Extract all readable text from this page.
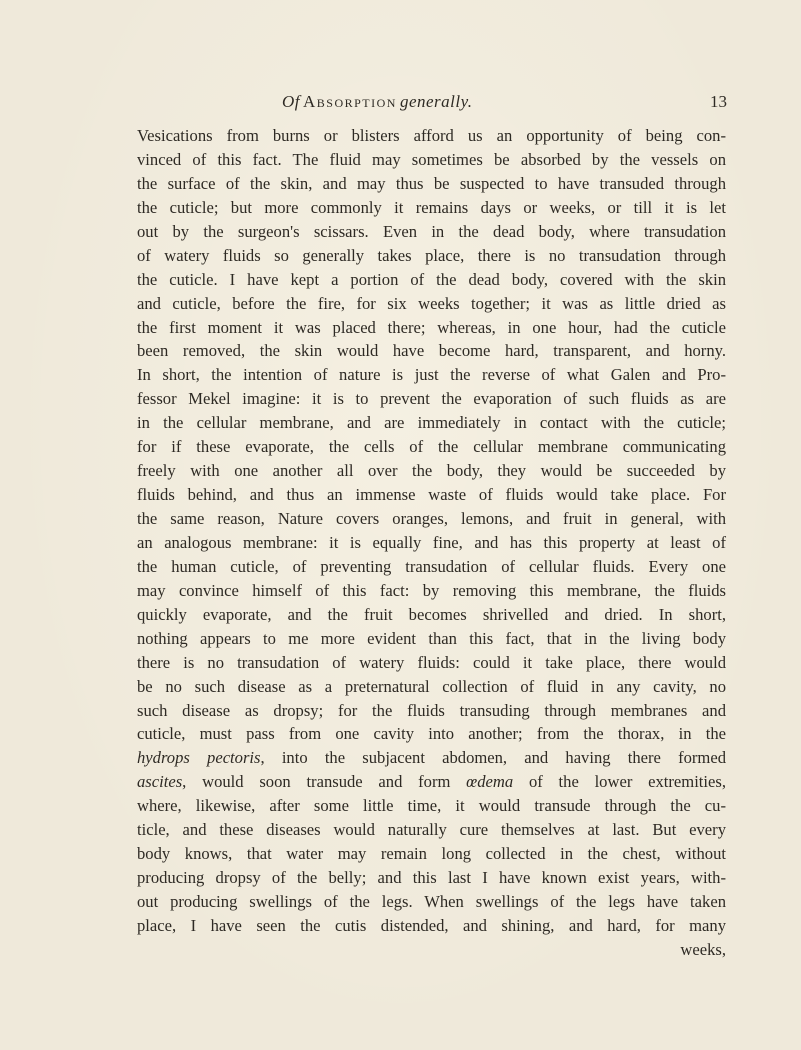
Of Absorption generally.	13
Vesications from burns or blisters afford us an opportunity of being con-
vinced of this fact. The fluid may sometimes be absorbed by the vessels on
the surface of the skin, and may thus be suspected to have transuded through
the cuticle; but more commonly it remains days or weeks, or till it is let
out by the surgeon's scissars. Even in the dead body, where transudation
of watery fluids so generally takes place, there is no transudation through
the cuticle. I have kept a portion of the dead body, covered with the skin
and cuticle, before the fire, for six weeks together; it was as little dried as
the first moment it was placed there; whereas, in one hour, had the cuticle
been removed, the skin would have become hard, transparent, and horny.
In short, the intention of nature is just the reverse of what Galen and Pro-
fessor Mekel imagine: it is to prevent the evaporation of such fluids as are
in the cellular membrane, and are immediately in contact with the cuticle;
for if these evaporate, the cells of the cellular membrane communicating
freely with one another all over the body, they would be succeeded by
fluids behind, and thus an immense waste of fluids would take place. For
the same reason, Nature covers oranges, lemons, and fruit in general, with
an analogous membrane: it is equally fine, and has this property at least of
the human cuticle, of preventing transudation of cellular fluids. Every one
may convince himself of this fact: by removing this membrane, the fluids
quickly evaporate, and the fruit becomes shrivelled and dried. In short,
nothing appears to me more evident than this fact, that in the living body
there is no transudation of watery fluids: could it take place, there would
be no such disease as a preternatural collection of fluid in any cavity, no
such disease as dropsy; for the fluids transuding through membranes and
cuticle, must pass from one cavity into another; from the thorax, in the
hydrops pectoris, into the subjacent abdomen, and having there formed
ascites, would soon transude and form œdema of the lower extremities,
where, likewise, after some little time, it would transude through the cu-
ticle, and these diseases would naturally cure themselves at last. But every
body knows, that water may remain long collected in the chest, without
producing dropsy of the belly; and this last I have known exist years, with-
out producing swellings of the legs. When swellings of the legs have taken
place, I have seen the cutis distended, and shining, and hard, for many
weeks,
